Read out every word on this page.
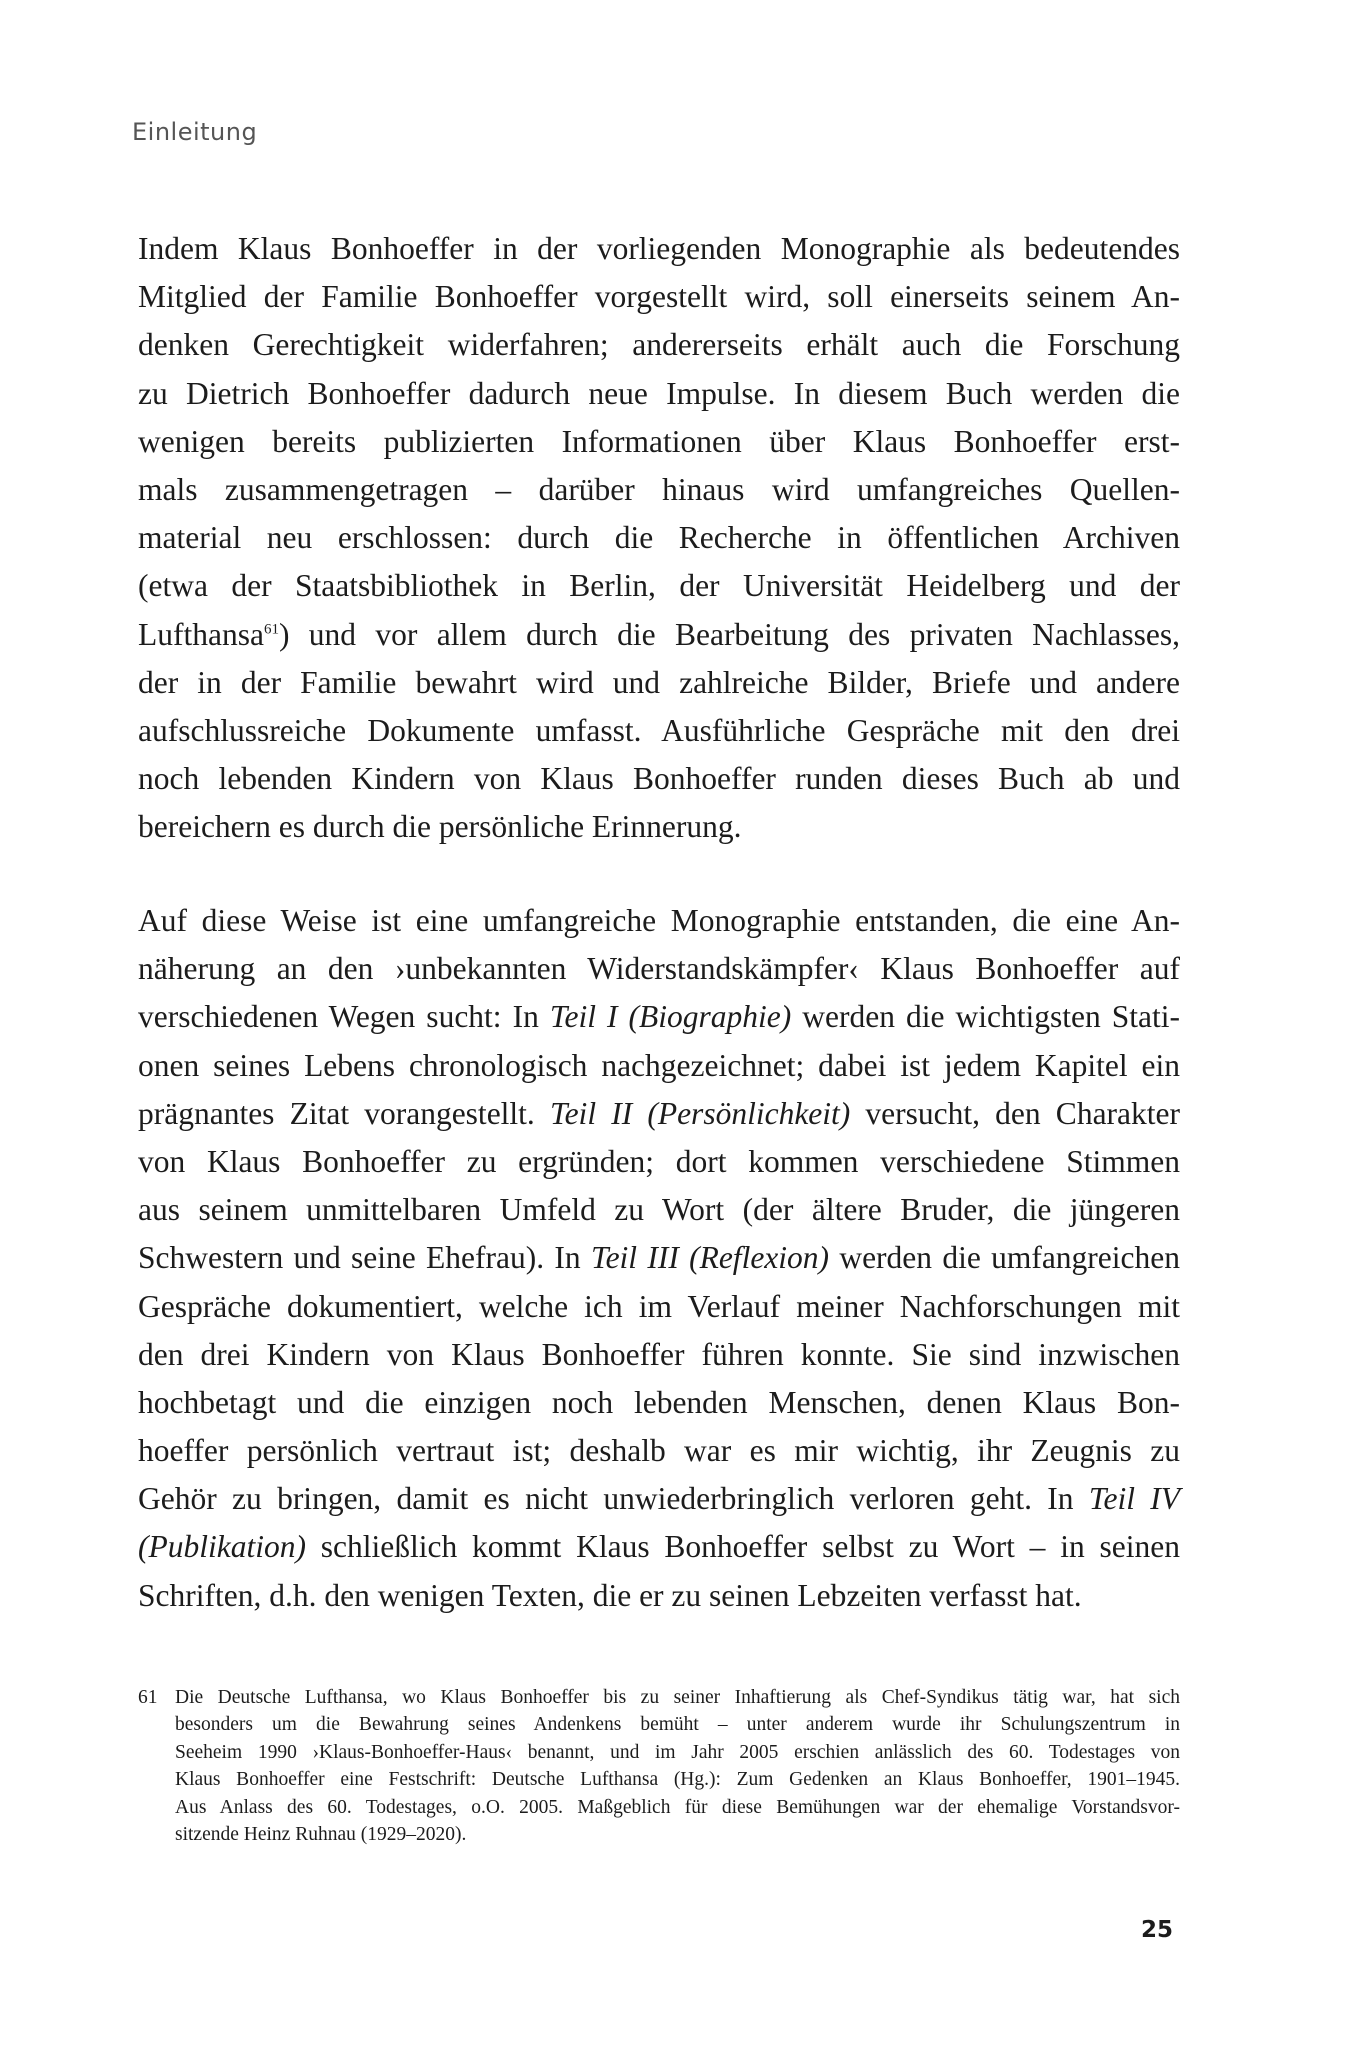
Einleitung
Indem Klaus Bonhoeffer in der vorliegenden Monographie als bedeutendes
Mitglied der Familie Bonhoeffer vorgestellt wird, soll einerseits seinem An-
denken Gerechtigkeit widerfahren; andererseits erhält auch die Forschung
zu Dietrich Bonhoeffer dadurch neue Impulse. In diesem Buch werden die
wenigen bereits publizierten Informationen über Klaus Bonhoeffer erst-
mals zusammengetragen – darüber hinaus wird umfangreiches Quellen-
material neu erschlossen: durch die Recherche in öffentlichen Archiven
(etwa der Staatsbibliothek in Berlin, der Universität Heidelberg und der
Lufthansa$^{61}$) und vor allem durch die Bearbeitung des privaten Nachlasses,
der in der Familie bewahrt wird und zahlreiche Bilder, Briefe und andere
aufschlussreiche Dokumente umfasst. Ausführliche Gespräche mit den drei
noch lebenden Kindern von Klaus Bonhoeffer runden dieses Buch ab und
bereichern es durch die persönliche Erinnerung.
Auf diese Weise ist eine umfangreiche Monographie entstanden, die eine An-
näherung an den ›unbekannten Widerstandskämpfer‹ Klaus Bonhoeffer auf
verschiedenen Wegen sucht: In Teil I (Biographie) werden die wichtigsten Stati-
onen seines Lebens chronologisch nachgezeichnet; dabei ist jedem Kapitel ein
prägnantes Zitat vorangestellt. Teil II (Persönlichkeit) versucht, den Charakter
von Klaus Bonhoeffer zu ergründen; dort kommen verschiedene Stimmen
aus seinem unmittelbaren Umfeld zu Wort (der ältere Bruder, die jüngeren
Schwestern und seine Ehefrau). In Teil III (Reflexion) werden die umfangreichen
Gespräche dokumentiert, welche ich im Verlauf meiner Nachforschungen mit
den drei Kindern von Klaus Bonhoeffer führen konnte. Sie sind inzwischen
hochbetagt und die einzigen noch lebenden Menschen, denen Klaus Bon-
hoeffer persönlich vertraut ist; deshalb war es mir wichtig, ihr Zeugnis zu
Gehör zu bringen, damit es nicht unwiederbringlich verloren geht. In Teil IV
(Publikation) schließlich kommt Klaus Bonhoeffer selbst zu Wort – in seinen
Schriften, d.h. den wenigen Texten, die er zu seinen Lebzeiten verfasst hat.
61 Die Deutsche Lufthansa, wo Klaus Bonhoeffer bis zu seiner Inhaftierung als Chef-Syndikus tätig war, hat sich
besonders um die Bewahrung seines Andenkens bemüht – unter anderem wurde ihr Schulungszentrum in
Seeheim 1990 ›Klaus-Bonhoeffer-Haus‹ benannt, und im Jahr 2005 erschien anlässlich des 60. Todestages von
Klaus Bonhoeffer eine Festschrift: Deutsche Lufthansa (Hg.): Zum Gedenken an Klaus Bonhoeffer, 1901–1945.
Aus Anlass des 60. Todestages, o.O. 2005. Maßgeblich für diese Bemühungen war der ehemalige Vorstandsvor-
sitzende Heinz Ruhnau (1929–2020).
25
